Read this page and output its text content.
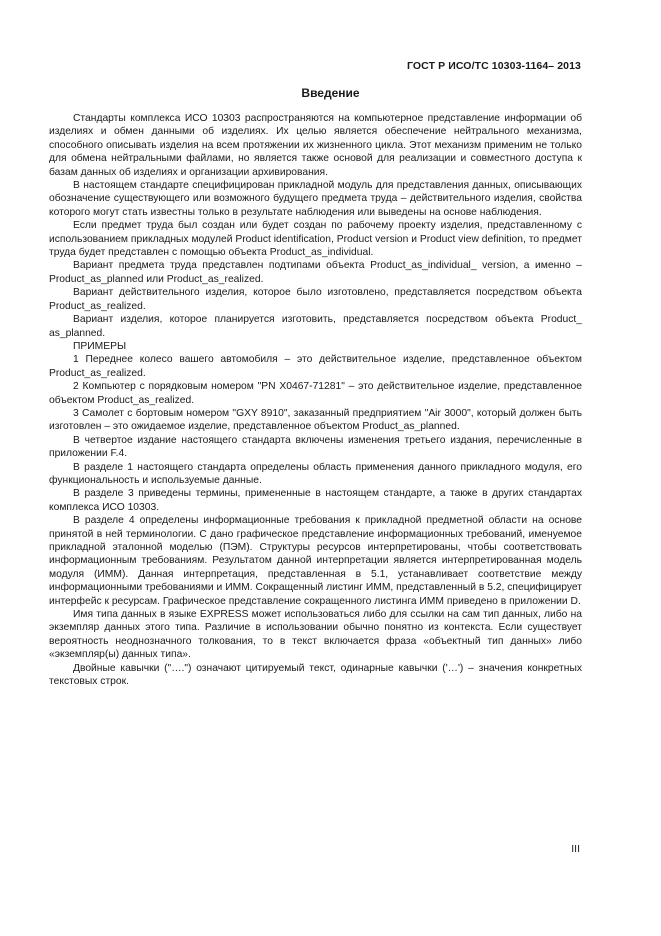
ГОСТ Р ИСО/ТС 10303-1164– 2013
Введение

Стандарты комплекса ИСО 10303 распространяются на компьютерное представление информации об изделиях и обмен данными об изделиях. Их целью является обеспечение нейтрального механизма, способного описывать изделия на всем протяжении их жизненного цикла. Этот механизм применим не только для обмена нейтральными файлами, но является также основой для реализации и совместного доступа к базам данных об изделиях и организации архивирования.

В настоящем стандарте специфицирован прикладной модуль для представления данных, описывающих обозначение существующего или возможного будущего предмета труда – действительного изделия, свойства которого могут стать известны только в результате наблюдения или выведены на основе наблюдения.

Если предмет труда был создан или будет создан по рабочему проекту изделия, представленному с использованием прикладных модулей Product identification, Product version и Product view definition, то предмет труда будет представлен с помощью объекта Product_as_individual.

Вариант предмета труда представлен подтипами объекта Product_as_individual_ version, а именно – Product_as_planned или Product_as_realized.

Вариант действительного изделия, которое было изготовлено, представляется посредством объекта Product_as_realized.

Вариант изделия, которое планируется изготовить, представляется посредством объекта Product_ as_planned.

ПРИМЕРЫ

1 Переднее колесо вашего автомобиля – это действительное изделие, представленное объектом Product_as_realized.

2 Компьютер с порядковым номером "PN X0467-71281" – это действительное изделие, представленное объектом Product_as_realized.

3 Самолет с бортовым номером "GXY 8910", заказанный предприятием "Air 3000", который должен быть изготовлен – это ожидаемое изделие, представленное объектом Product_as_planned.

В четвертое издание настоящего стандарта включены изменения третьего издания, перечисленные в приложении F.4.

В разделе 1 настоящего стандарта определены область применения данного прикладного модуля, его функциональность и используемые данные.

В разделе 3 приведены термины, примененные в настоящем стандарте, а также в других стандартах комплекса ИСО 10303.

В разделе 4 определены информационные требования к прикладной предметной области на основе принятой в ней терминологии. С дано графическое представление информационных требований, именуемое прикладной эталонной моделью (ПЭМ). Структуры ресурсов интерпретированы, чтобы соответствовать информационным требованиям. Результатом данной интерпретации является интерпретированная модель модуля (ИММ). Данная интерпретация, представленная в 5.1, устанавливает соответствие между информационными требованиями и ИММ. Сокращенный листинг ИММ, представленный в 5.2, специфицирует интерфейс к ресурсам. Графическое представление сокращенного листинга ИММ приведено в приложении D.

Имя типа данных в языке EXPRESS может использоваться либо для ссылки на сам тип данных, либо на экземпляр данных этого типа. Различие в использовании обычно понятно из контекста. Если существует вероятность неоднозначного толкования, то в текст включается фраза «объектный тип данных» либо «экземпляр(ы) данных типа».

Двойные кавычки ("….") означают цитируемый текст, одинарные кавычки ('…') – значения конкретных текстовых строк.

III
